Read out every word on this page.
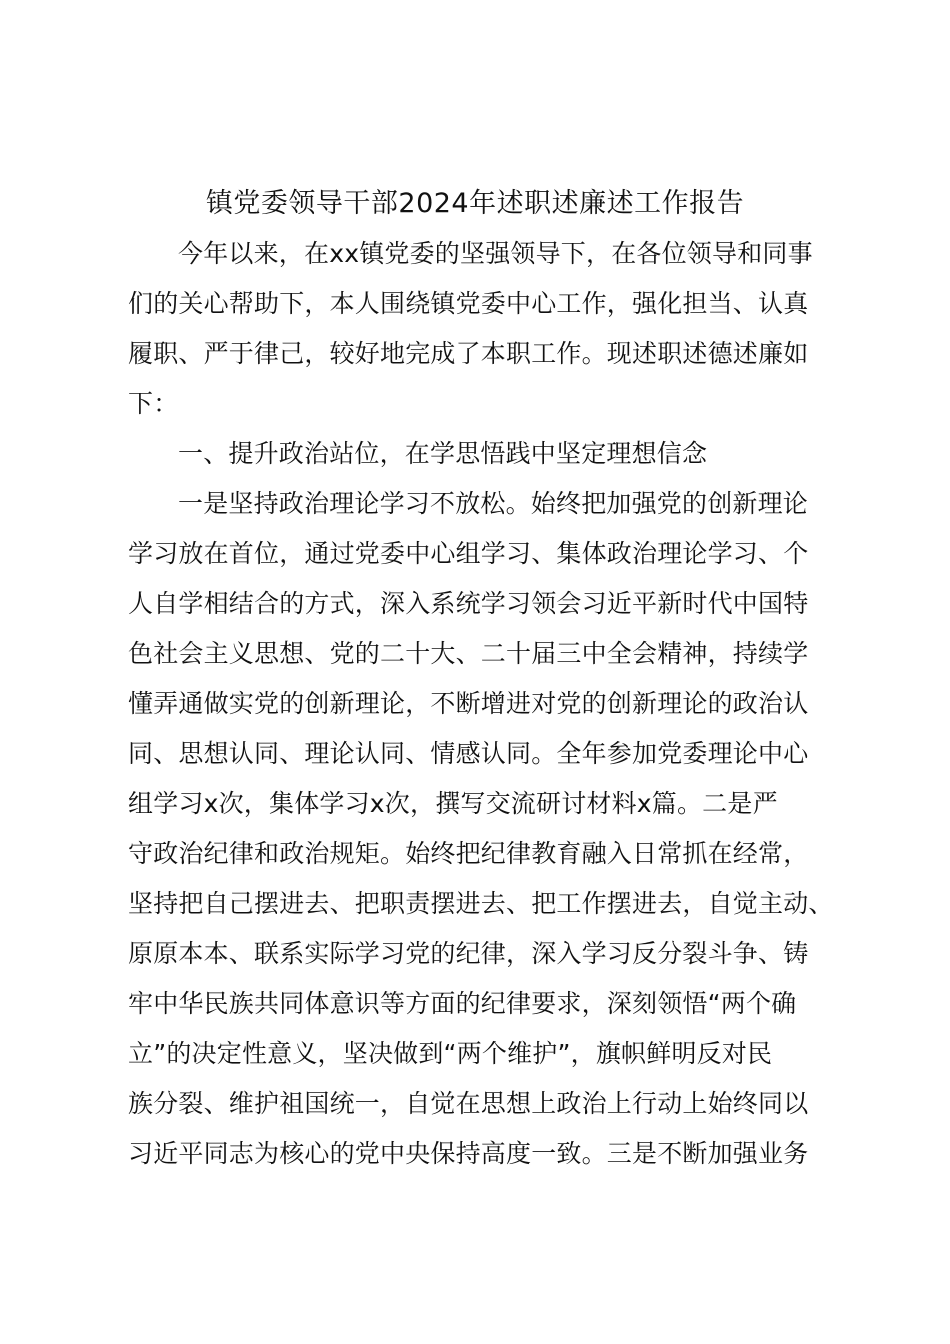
镇党委领导干部2024年述职述廉述工作报告
今年以来，在xx镇党委的坚强领导下，在各位领导和同事
们的关心帮助下，本人围绕镇党委中心工作，强化担当、认真
履职、严于律己，较好地完成了本职工作。现述职述德述廉如
下：
一、提升政治站位，在学思悟践中坚定理想信念
一是坚持政治理论学习不放松。始终把加强党的创新理论
学习放在首位，通过党委中心组学习、集体政治理论学习、个
人自学相结合的方式，深入系统学习领会习近平新时代中国特
色社会主义思想、党的二十大、二十届三中全会精神，持续学
懂弄通做实党的创新理论，不断增进对党的创新理论的政治认
同、思想认同、理论认同、情感认同。全年参加党委理论中心
组学习x次，集体学习x次，撰写交流研讨材料x篇。二是严
守政治纪律和政治规矩。始终把纪律教育融入日常抓在经常，
坚持把自己摆进去、把职责摆进去、把工作摆进去，自觉主动、
原原本本、联系实际学习党的纪律，深入学习反分裂斗争、铸
牢中华民族共同体意识等方面的纪律要求，深刻领悟“两个确
立”的决定性意义，坚决做到“两个维护”，旗帜鲜明反对民
族分裂、维护祖国统一，自觉在思想上政治上行动上始终同以
习近平同志为核心的党中央保持高度一致。三是不断加强业务
